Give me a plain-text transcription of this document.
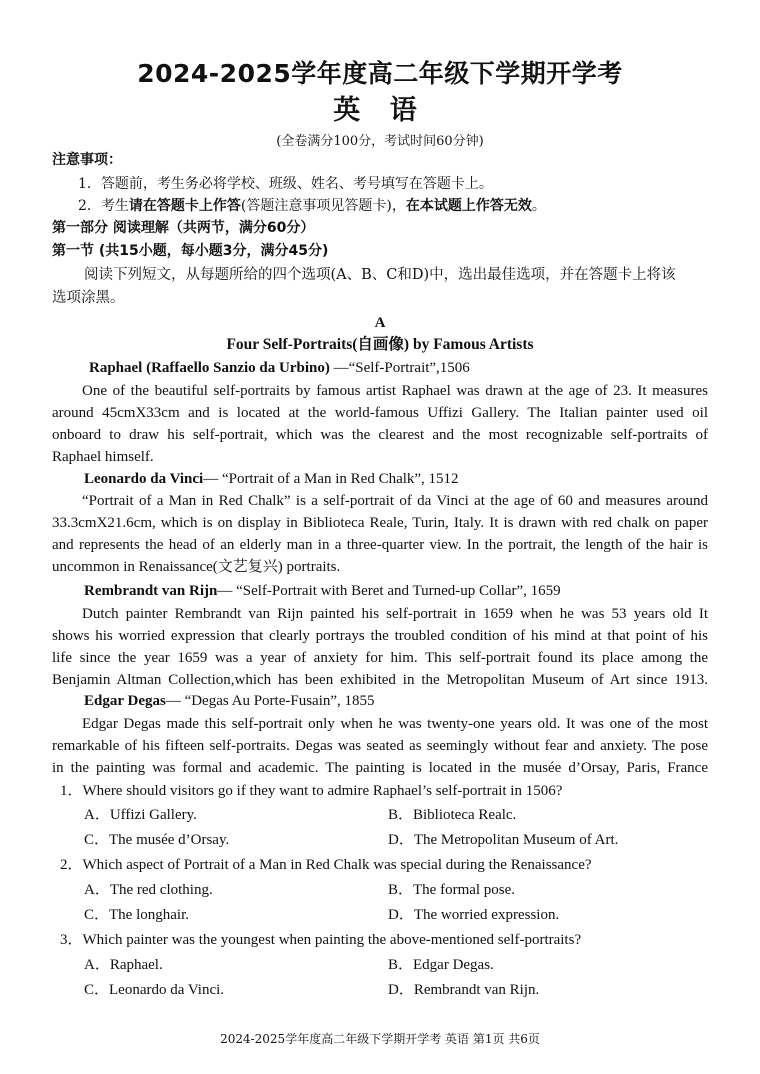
2024-2025学年度高二年级下学期开学考
英 语
(全卷满分100分，考试时间60分钟)
注意事项：
1．答题前，考生务必将学校、班级、姓名、考号填写在答题卡上。
2．考生请在答题卡上作答(答题注意事项见答题卡)，在本试题上作答无效。
第一部分 阅读理解（共两节，满分60分）
第一节 (共15小题，每小题3分，满分45分)
阅读下列短文，从每题所给的四个选项(A、B、C和D)中，选出最佳选项，并在答题卡上将该
选项涂黑。
A
Four Self-Portraits(自画像) by Famous Artists
Raphael (Raffaello Sanzio da Urbino) —“Self-Portrait”,1506
One of the beautiful self-portraits by famous artist Raphael was drawn at the age of 23. It measures
around 45cmX33cm and is located at the world-famous Uffizi Gallery. The Italian painter used oil
onboard to draw his self-portrait, which was the clearest and the most recognizable self-portraits of
Raphael himself.
Leonardo da Vinci— “Portrait of a Man in Red Chalk”, 1512
“Portrait of a Man in Red Chalk” is a self-portrait of da Vinci at the age of 60 and measures around
33.3cmX21.6cm, which is on display in Biblioteca Reale, Turin, Italy. It is drawn with red chalk on paper
and represents the head of an elderly man in a three-quarter view. In the portrait, the length of the hair is
uncommon in Renaissance(文艺复兴) portraits.
Rembrandt van Rijn— “Self-Portrait with Beret and Turned-up Collar”, 1659
Dutch painter Rembrandt van Rijn painted his self-portrait in 1659 when he was 53 years old It
shows his worried expression that clearly portrays the troubled condition of his mind at that point of his
life since the year 1659 was a year of anxiety for him. This self-portrait found its place among the
Benjamin Altman Collection,which has been exhibited in the Metropolitan Museum of Art since 1913.
Edgar Degas— “Degas Au Porte-Fusain”, 1855
Edgar Degas made this self-portrait only when he was twenty-one years old. It was one of the most
remarkable of his fifteen self-portraits. Degas was seated as seemingly without fear and anxiety. The pose
in the painting was formal and academic. The painting is located in the musée d’Orsay, Paris, France
1．Where should visitors go if they want to admire Raphael’s self-portrait in 1506?
A．Uffizi Gallery.	B．Biblioteca Realc.
C．The musée d’Orsay.	D．The Metropolitan Museum of Art.
2．Which aspect of Portrait of a Man in Red Chalk was special during the Renaissance?
A．The red clothing.	B．The formal pose.
C．The longhair.	D．The worried expression.
3．Which painter was the youngest when painting the above-mentioned self-portraits?
A．Raphael.	B．Edgar Degas.
C．Leonardo da Vinci.	D．Rembrandt van Rijn.
2024-2025学年度高二年级下学期开学考 英语 第1页 共6页
